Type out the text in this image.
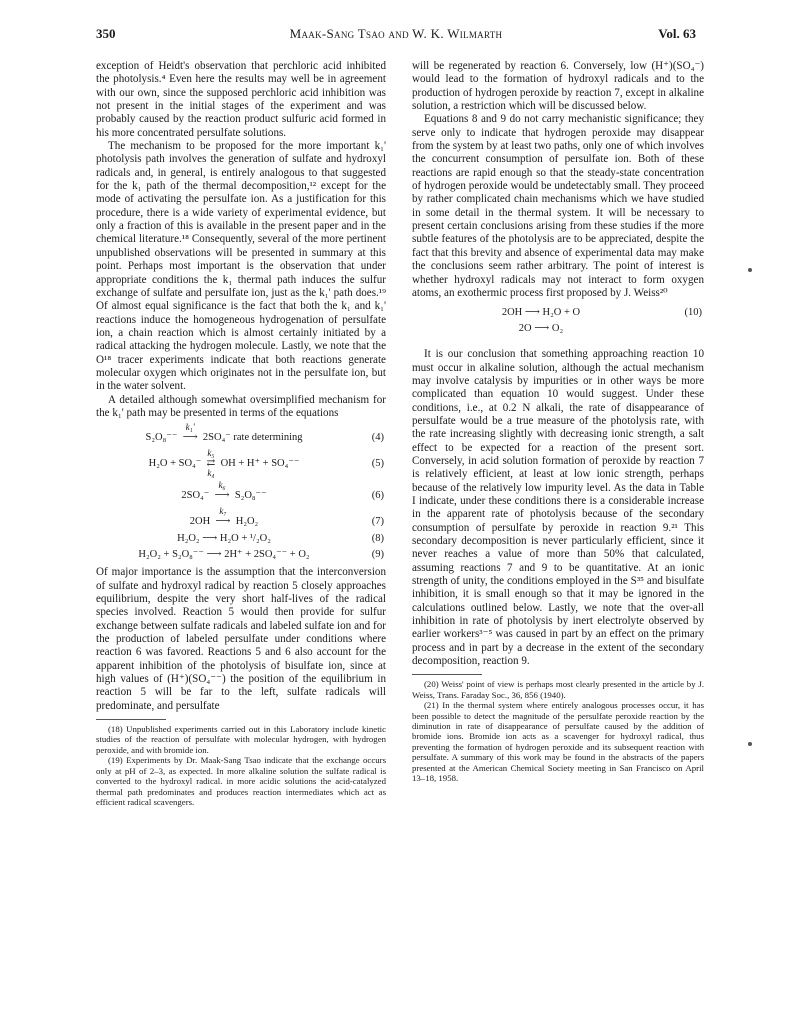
350	Maak-Sang Tsao and W. K. Wilmarth	Vol. 63

exception of Heidt's observation that perchloric acid inhibited the photolysis.⁴ Even here the results may well be in agreement with our own, since the supposed perchloric acid inhibition was not present in the initial stages of the experiment and was probably caused by the reaction product sulfuric acid formed in his more concentrated persulfate solutions.

The mechanism to be proposed for the more important k₁' photolysis path involves the generation of sulfate and hydroxyl radicals and, in general, is entirely analogous to that suggested for the k₁ path of the thermal decomposition,¹² except for the mode of activating the persulfate ion. As a justification for this procedure, there is a wide variety of experimental evidence, but only a fraction of this is available in the present paper and in the chemical literature.¹⁸ Consequently, several of the more pertinent unpublished observations will be presented in summary at this point. Perhaps most important is the observation that under appropriate conditions the k₁ thermal path induces the sulfur exchange of sulfate and persulfate ion, just as the k₁' path does.¹⁹ Of almost equal significance is the fact that both the k₁ and k₁' reactions induce the homogeneous hydrogenation of persulfate ion, a chain reaction which is almost certainly initiated by a radical attacking the hydrogen molecule. Lastly, we note that the O¹⁸ tracer experiments indicate that both reactions generate molecular oxygen which originates not in the persulfate ion, but in the water solvent.

A detailed although somewhat oversimplified mechanism for the k₁' path may be presented in terms of the equations

S₂O₈⁻⁻  ⟶
k₁'
2SO₄⁻ rate determining	(4)
H₂O + SO₄⁻  ⇄
k₅
k₄
OH + H⁺ + SO₄⁻⁻	(5)
2SO₄⁻  ⟶
k₆
S₂O₈⁻⁻	(6)
2OH  ⟶
k₇
H₂O₂	(7)
H₂O₂ ⟶ H₂O + ¹/₂O₂	(8)
H₂O₂ + S₂O₈⁻⁻ ⟶ 2H⁺ + 2SO₄⁻⁻ + O₂	(9)

Of major importance is the assumption that the interconversion of sulfate and hydroxyl radical by reaction 5 closely approaches equilibrium, despite the very short half-lives of the radical species involved. Reaction 5 would then provide for sulfur exchange between sulfate radicals and labeled sulfate ion and for the production of labeled persulfate under conditions where reaction 6 was favored. Reactions 5 and 6 also account for the apparent inhibition of the photolysis of bisulfate ion, since at high values of (H⁺)(SO₄⁻⁻) the position of the equilibrium in reaction 5 will be far to the left, sulfate radicals will predominate, and persulfate

(18) Unpublished experiments carried out in this Laboratory include kinetic studies of the reaction of persulfate with molecular hydrogen, with hydrogen peroxide, and with bromide ion.

(19) Experiments by Dr. Maak-Sang Tsao indicate that the exchange occurs only at pH of 2–3, as expected. In more alkaline solution the sulfate radical is converted to the hydroxyl radical. in more acidic solutions the acid-catalyzed thermal path predominates and produces reaction intermediates which act as efficient radical scavengers.

will be regenerated by reaction 6. Conversely, low (H⁺)(SO₄⁻) would lead to the formation of hydroxyl radicals and to the production of hydrogen peroxide by reaction 7, except in alkaline solution, a restriction which will be discussed below.

Equations 8 and 9 do not carry mechanistic significance; they serve only to indicate that hydrogen peroxide may disappear from the system by at least two paths, only one of which involves the concurrent consumption of persulfate ion. Both of these reactions are rapid enough so that the steady-state concentration of hydrogen peroxide would be undetectably small. They proceed by rather complicated chain mechanisms which we have studied in some detail in the thermal system. It will be necessary to present certain conclusions arising from these studies if the more subtle features of the photolysis are to be appreciated, despite the fact that this brevity and absence of experimental data may make the conclusions seem rather arbitrary. The point of interest is whether hydroxyl radicals may not interact to form oxygen atoms, an exothermic process first proposed by J. Weiss²⁰

2OH ⟶ H₂O + O	(10)
2O ⟶ O₂

It is our conclusion that something approaching reaction 10 must occur in alkaline solution, although the actual mechanism may involve catalysis by impurities or in other ways be more complicated than equation 10 would suggest. Under these conditions, i.e., at 0.2 N alkali, the rate of disappearance of persulfate would be a true measure of the photolysis rate, with the rate increasing slightly with decreasing ionic strength, a salt effect to be expected for a reaction of the present sort. Conversely, in acid solution formation of peroxide by reaction 7 is relatively efficient, at least at low ionic strength, perhaps because of the relatively low impurity level. As the data in Table I indicate, under these conditions there is a considerable increase in the apparent rate of photolysis because of the secondary consumption of persulfate by peroxide in reaction 9.²¹ This secondary decomposition is never particularly efficient, since it never reaches a value of more than 50% that calculated, assuming reactions 7 and 9 to be quantitative. At an ionic strength of unity, the conditions employed in the S³⁵ and bisulfate inhibition, it is small enough so that it may be ignored in the calculations outlined below. Lastly, we note that the over-all inhibition in rate of photolysis by inert electrolyte observed by earlier workers³⁻⁵ was caused in part by an effect on the primary process and in part by a decrease in the extent of the secondary decomposition, reaction 9.

(20) Weiss' point of view is perhaps most clearly presented in the article by J. Weiss, Trans. Faraday Soc., 36, 856 (1940).

(21) In the thermal system where entirely analogous processes occur, it has been possible to detect the magnitude of the persulfate peroxide reaction by the diminution in rate of disappearance of persulfate caused by the addition of bromide ions. Bromide ion acts as a scavenger for hydroxyl radical, thus preventing the formation of hydrogen peroxide and its subsequent reaction with persulfate. A summary of this work may be found in the abstracts of the papers presented at the American Chemical Society meeting in San Francisco on April 13–18, 1958.
